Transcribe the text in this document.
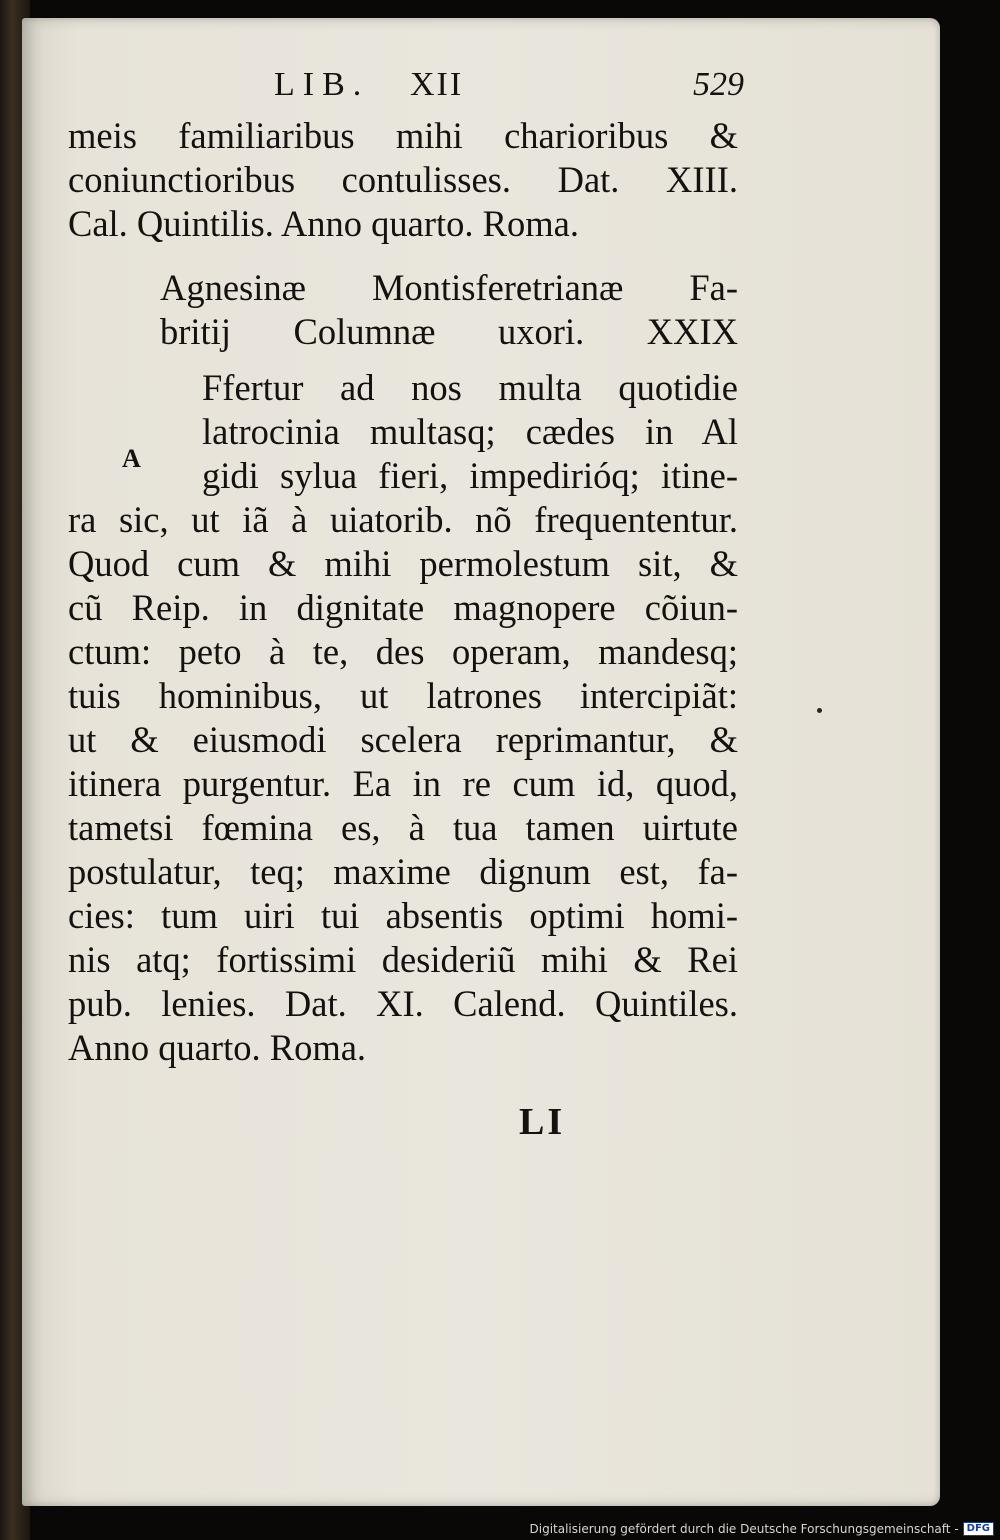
LIB. XII	529
A
meis familiaribus mihi charioribus &
coniunctioribus contulisses. Dat. XIII.
Cal. Quintilis. Anno quarto. Roma.
Agnesinæ Montisferetrianæ Fa-
britij Columnæ uxori. XXIX
Ffertur ad nos multa quotidie
latrocinia multasq; cædes in Al
gidi sylua fieri, impedirióq; itine-
ra sic, ut iã à uiatorib. nõ frequententur.
Quod cum & mihi permolestum sit, &
cũ Reip. in dignitate magnopere cõiun-
ctum: peto à te, des operam, mandesq;
tuis hominibus, ut latrones intercipiãt:
ut & eiusmodi scelera reprimantur, &
itinera purgentur. Ea in re cum id, quod,
tametsi fœmina es, à tua tamen uirtute
postulatur, teq; maxime dignum est, fa-
cies: tum uiri tui absentis optimi homi-
nis atq; fortissimi desideriũ mihi & Rei
pub. lenies. Dat. XI. Calend. Quintiles.
Anno quarto. Roma.
LI
Digitalisierung gefördert durch die Deutsche Forschungsgemeinschaft - DFG
